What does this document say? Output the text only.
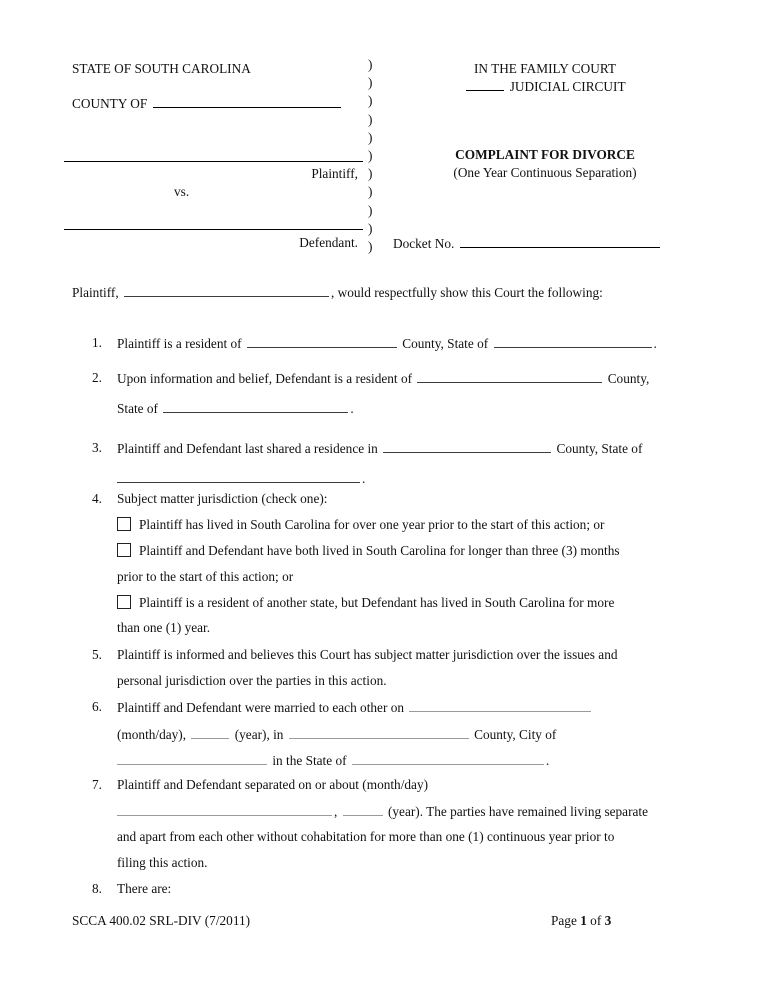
STATE OF SOUTH CAROLINA
COUNTY OF
)
)
)
)
)
)
)
)
)
)
)
IN THE FAMILY COURT
JUDICIAL CIRCUIT
Plaintiff,
vs.
Defendant.
COMPLAINT FOR DIVORCE
(One Year Continuous Separation)
Docket No.
Plaintiff,	, would respectfully show this Court the following:
1. Plaintiff is a resident of	County, State of	.
2. Upon information and belief, Defendant is a resident of	County,
State of	.
3. Plaintiff and Defendant last shared a residence in	County, State of
.
4. Subject matter jurisdiction (check one):
Plaintiff has lived in South Carolina for over one year prior to the start of this action; or
Plaintiff and Defendant have both lived in South Carolina for longer than three (3) months
prior to the start of this action; or
Plaintiff is a resident of another state, but Defendant has lived in South Carolina for more
than one (1) year.
5. Plaintiff is informed and believes this Court has subject matter jurisdiction over the issues and
personal jurisdiction over the parties in this action.
6. Plaintiff and Defendant were married to each other on
(month/day),	(year), in	County, City of
in the State of	.
7. Plaintiff and Defendant separated on or about (month/day)
,	(year). The parties have remained living separate
and apart from each other without cohabitation for more than one (1) continuous year prior to
filing this action.
8. There are:
SCCA 400.02 SRL-DIV (7/2011)	Page 1 of 3
